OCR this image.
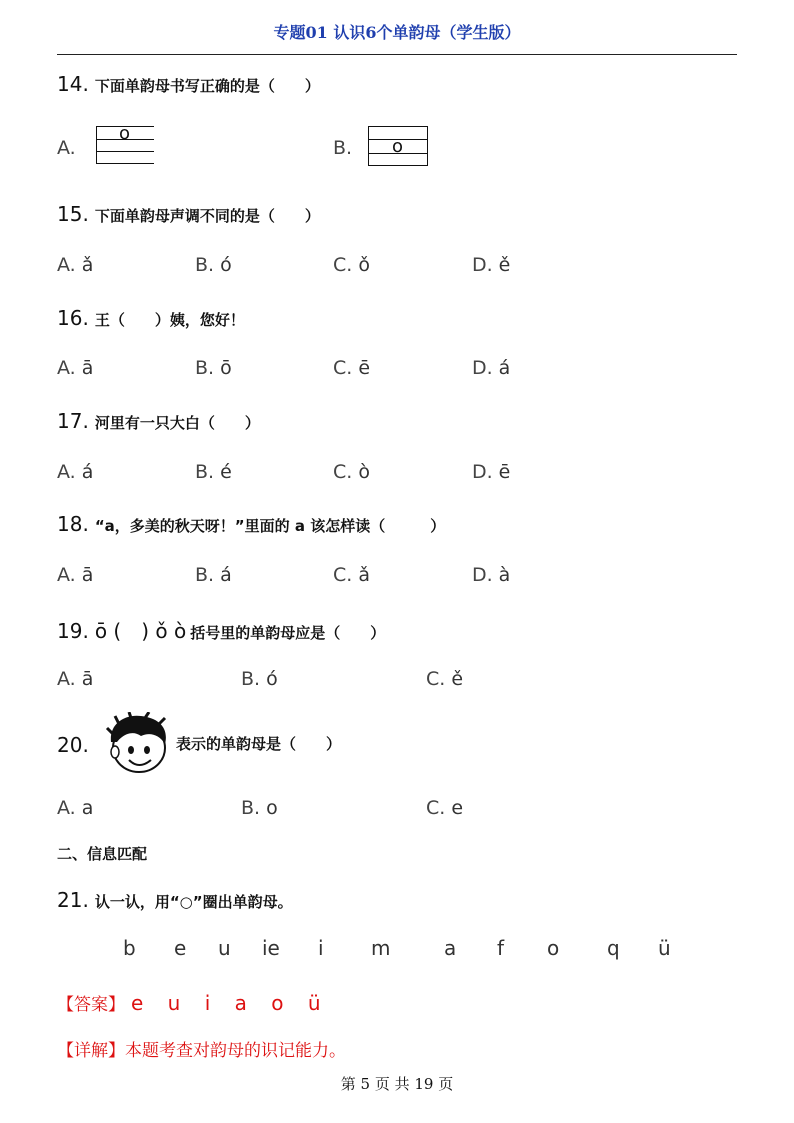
专题01 认识6个单韵母（学生版）
14. 下面单韵母书写正确的是（　　）
A.
o
B. o
15. 下面单韵母声调不同的是（　　）
A. ǎ	B. ó	C. ǒ	D. ě
16. 王（　　）姨，您好！
A. ā	B. ō	C. ē	D. á
17. 河里有一只大白（　　）
A. á	B. é	C. ò	D. ē
18. “a，多美的秋天呀！”里面的 a 该怎样读（　　　）
A. ā	B. á	C. ǎ	D. à
19. ō (　) ǒ ò 括号里的单韵母应是（　　）
A. ā	B. ó	C. ě
20.	表示的单韵母是（　　）
A. a	B. o	C. e
二、信息匹配
21. 认一认，用“○”圈出单韵母。
b e u ie i m	a f o q ü
【答案】 e u i a o ü
【详解】本题考查对韵母的识记能力。
第 5 页 共 19 页
